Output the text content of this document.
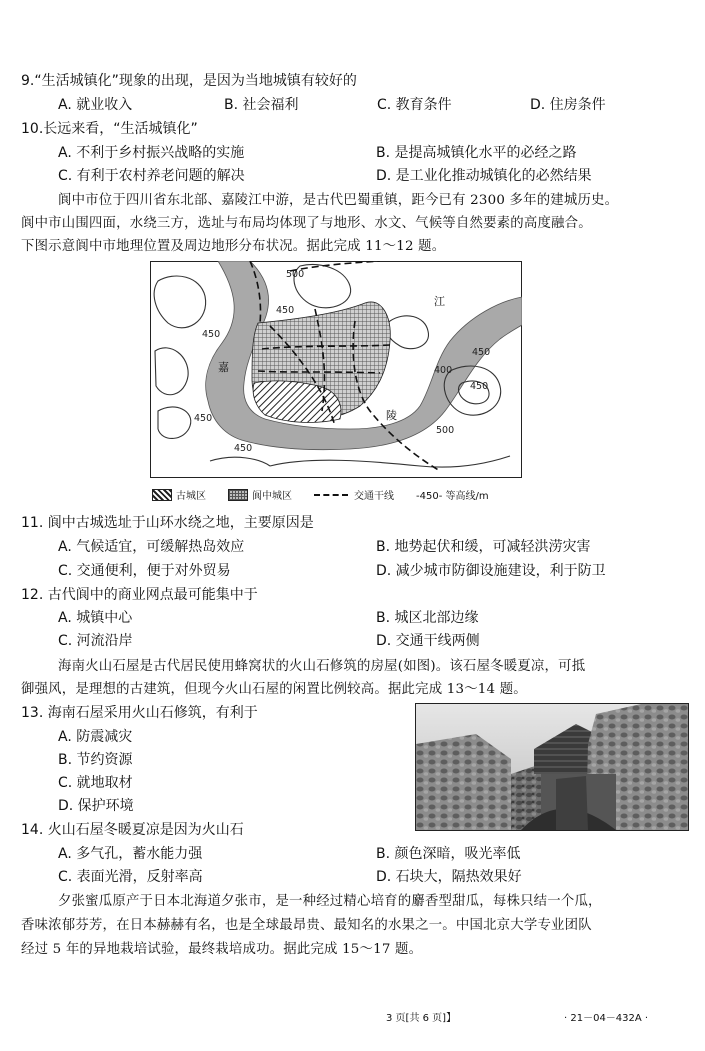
9.“生活城镇化”现象的出现，是因为当地城镇有较好的
A. 就业收入	B. 社会福利	C. 教育条件	D. 住房条件
10.长远来看，“生活城镇化”
A. 不利于乡村振兴战略的实施	B. 是提高城镇化水平的必经之路
C. 有利于农村养老问题的解决	D. 是工业化推动城镇化的必然结果
阆中市位于四川省东北部、嘉陵江中游，是古代巴蜀重镇，距今已有 2300 多年的建城历史。
阆中市山围四面，水绕三方，选址与布局均体现了与地形、水文、气候等自然要素的高度融合。
下图示意阆中市地理位置及周边地形分布状况。据此完成 11～12 题。
500
450
450
450
400
450
500
450
450
江
嘉
陵
古城区	阆中城区	交通干线 -450- 等高线/m
11. 阆中古城选址于山环水绕之地，主要原因是
A. 气候适宜，可缓解热岛效应	B. 地势起伏和缓，可减轻洪涝灾害
C. 交通便利，便于对外贸易	D. 减少城市防御设施建设，利于防卫
12. 古代阆中的商业网点最可能集中于
A. 城镇中心	B. 城区北部边缘
C. 河流沿岸	D. 交通干线两侧
海南火山石屋是古代居民使用蜂窝状的火山石修筑的房屋(如图)。该石屋冬暖夏凉，可抵
御强风，是理想的古建筑，但现今火山石屋的闲置比例较高。据此完成 13～14 题。
13. 海南石屋采用火山石修筑，有利于
A. 防震减灾
B. 节约资源
C. 就地取材
D. 保护环境
14. 火山石屋冬暖夏凉是因为火山石
A. 多气孔，蓄水能力强	B. 颜色深暗，吸光率低
C. 表面光滑，反射率高	D. 石块大，隔热效果好
夕张蜜瓜原产于日本北海道夕张市，是一种经过精心培育的麝香型甜瓜，每株只结一个瓜，
香味浓郁芬芳，在日本赫赫有名，也是全球最昂贵、最知名的水果之一。中国北京大学专业团队
经过 5 年的异地栽培试验，最终栽培成功。据此完成 15～17 题。
3 页[共 6 页]】	· 21－04－432A ·
